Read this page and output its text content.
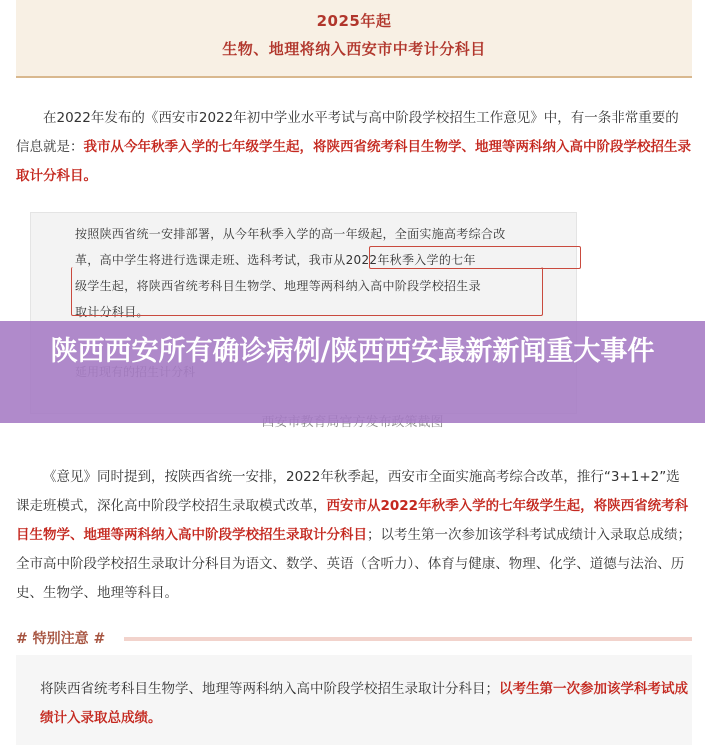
2025年起
生物、地理将纳入西安市中考计分科目
  在2022年发布的《西安市2022年初中学业水平考试与高中阶段学校招生工作意见》中，有一条非常重要的信息就是：我市从今年秋季入学的七年级学生起，将陕西省统考科目生物学、地理等两科纳入高中阶段学校招生录取计分科目。
按照陕西省统一安排部署，从今年秋季入学的高一年级起，全面实施高考综合改
革，高中学生将进行选课走班、选科考试，我市从2022年秋季入学的七年
级学生起，将陕西省统考科目生物学、地理等两科纳入高中阶段学校招生录
取计分科目。
陕西西安所有确诊病例/陕西西安最新新闻重大事件
  《意见》同时提到，按陕西省统一安排，2022年秋季起，西安市全面实施高考综合改革，推行“3+1+2”选课走班模式，深化高中阶段学校招生录取模式改革，西安市从2022年秋季入学的七年级学生起，将陕西省统考科目生物学、地理等两科纳入高中阶段学校招生录取计分科目；以考生第一次参加该学科考试成绩计入录取总成绩；全市高中阶段学校招生录取计分科目为语文、数学、英语（含听力）、体育与健康、物理、化学、道德与法治、历史、生物学、地理等科目。
# 特别注意 #
将陕西省统考科目生物学、地理等两科纳入高中阶段学校招生录取计分科目；以考生第一次参加该学科考试成绩计入录取总成绩。
